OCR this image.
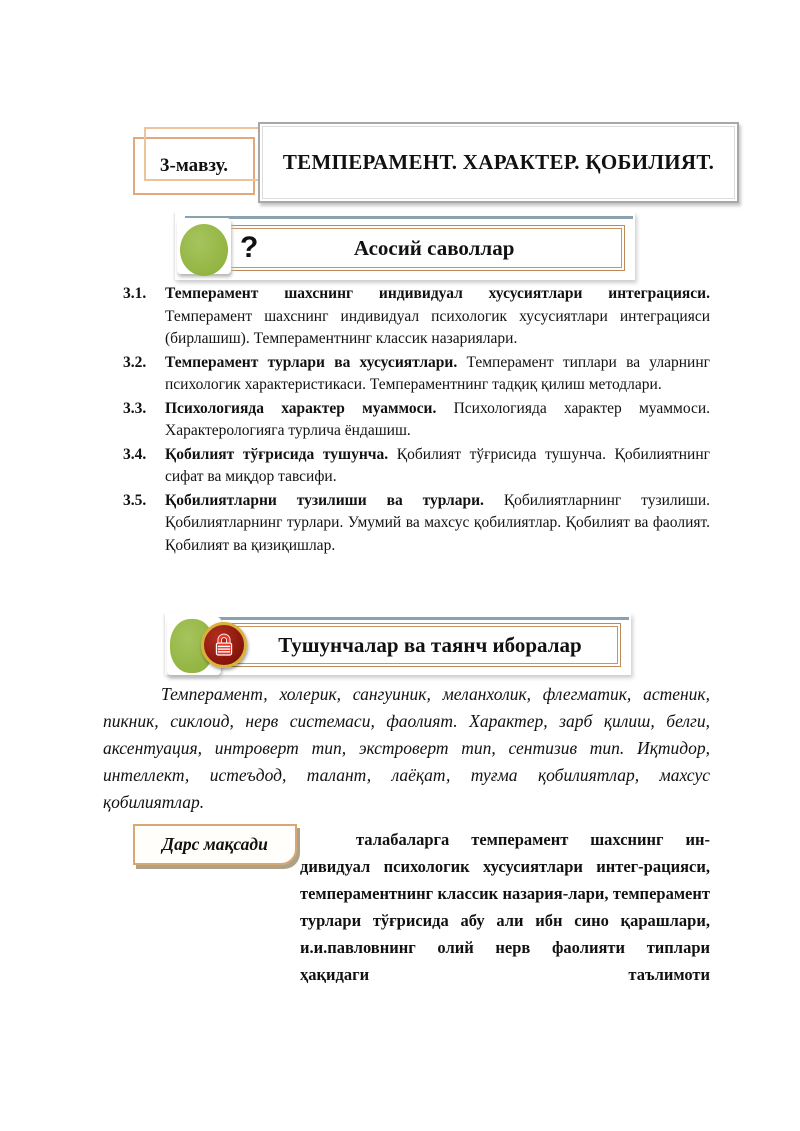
3-мавзу.	ТЕМПЕРАМЕНТ. ХАРАКТЕР. ҚОБИЛИЯТ.
?	Асосий саволлар
3.1.	Темперамент шахснинг индивидуал хусусиятлари интеграцияси. Темперамент шахснинг индивидуал психологик хусусиятлари интеграцияси (бирлашиш). Темпераментнинг классик назариялари.
3.2.	Темперамент турлари ва хусусиятлари. Темперамент типлари ва уларнинг психологик характеристикаси. Темпераментнинг тадқиқ қилиш методлари.
3.3.	Психологияда характер муаммоси. Психологияда характер муаммоси. Характерологияга турлича ёндашиш.
3.4.	Қобилият тўғрисида тушунча. Қобилият тўғрисида тушунча. Қобилиятнинг сифат ва миқдор тавсифи.
3.5.	Қобилиятларни тузилиши ва турлари. Қобилиятларнинг тузилиши. Қобилиятларнинг турлари. Умумий ва махсус қобилиятлар. Қобилият ва фаолият. Қобилият ва қизиқишлар.
Тушунчалар ва таянч иборалар

Темперамент, холерик, сангуиник, меланхолик, флегматик, астеник, пикник, сиклоид, нерв системаси, фаолият. Характер, зарб қилиш, белги, аксентуация, интроверт тип, экстроверт тип, сентизив тип. Иқтидор, интеллект, истеъдод, талант, лаёқат, туғма қобилиятлар, махсус қобилиятлар.

Дарс мақсади	талабаларга темперамент шахснинг ин-дивидуал психологик хусусиятлари интег-рацияси, темпераментнинг классик назария-лари, темперамент турлари тўғрисида абу али ибн сино қарашлари, и.и.павловнинг олий нерв фаолияти типлари ҳақидаги таълимоти
